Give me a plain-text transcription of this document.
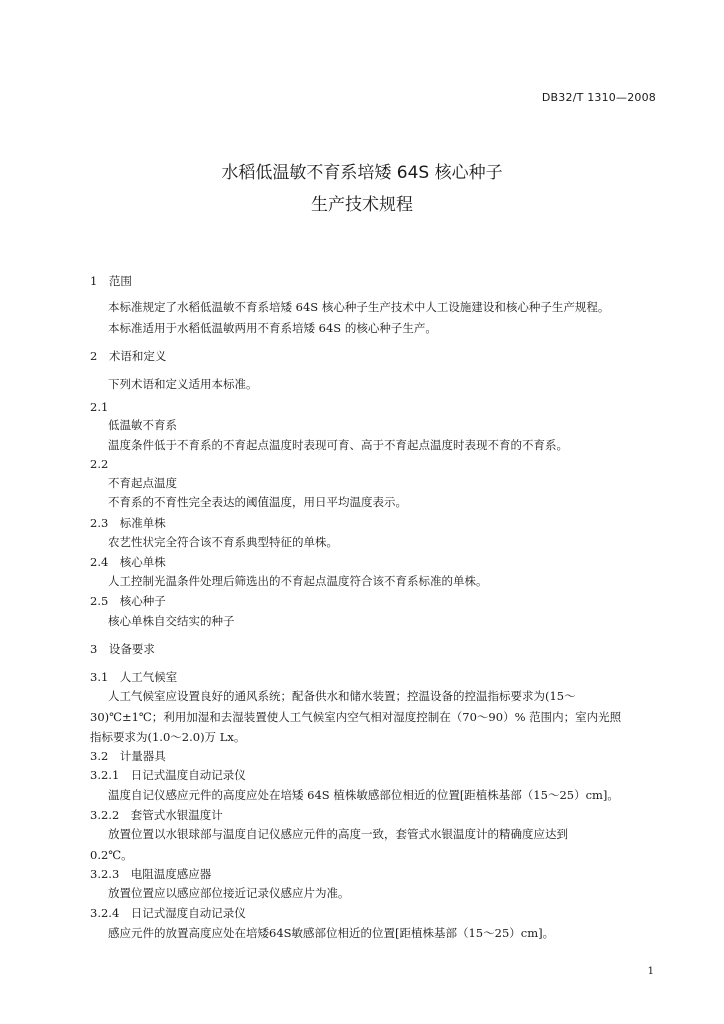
DB32/T 1310—2008
水稻低温敏不育系培矮 64S 核心种子
生产技术规程
1　范围
本标准规定了水稻低温敏不育系培矮 64S 核心种子生产技术中人工设施建设和核心种子生产规程。
本标准适用于水稻低温敏两用不育系培矮 64S 的核心种子生产。
2　术语和定义
下列术语和定义适用本标准。
2.1
低温敏不育系
温度条件低于不育系的不育起点温度时表现可育、高于不育起点温度时表现不育的不育系。
2.2
不育起点温度
不育系的不育性完全表达的阈值温度，用日平均温度表示。
2.3　标准单株
农艺性状完全符合该不育系典型特征的单株。
2.4　核心单株
人工控制光温条件处理后筛选出的不育起点温度符合该不育系标准的单株。
2.5　核心种子
核心单株自交结实的种子
3　设备要求
3.1　人工气候室
人工气候室应设置良好的通风系统；配备供水和储水装置；控温设备的控温指标要求为(15～
30)℃±1℃；利用加湿和去湿装置使人工气候室内空气相对湿度控制在（70～90）% 范围内；室内光照
指标要求为(1.0～2.0)万 Lx。
3.2　计量器具
3.2.1　日记式温度自动记录仪
温度自记仪感应元件的高度应处在培矮 64S 植株敏感部位相近的位置[距植株基部（15～25）cm]。
3.2.2　套管式水银温度计
放置位置以水银球部与温度自记仪感应元件的高度一致，套管式水银温度计的精确度应达到
0.2℃。
3.2.3　电阻温度感应器
放置位置应以感应部位接近记录仪感应片为准。
3.2.4　日记式湿度自动记录仪
感应元件的放置高度应处在培矮64S敏感部位相近的位置[距植株基部（15～25）cm]。
1
